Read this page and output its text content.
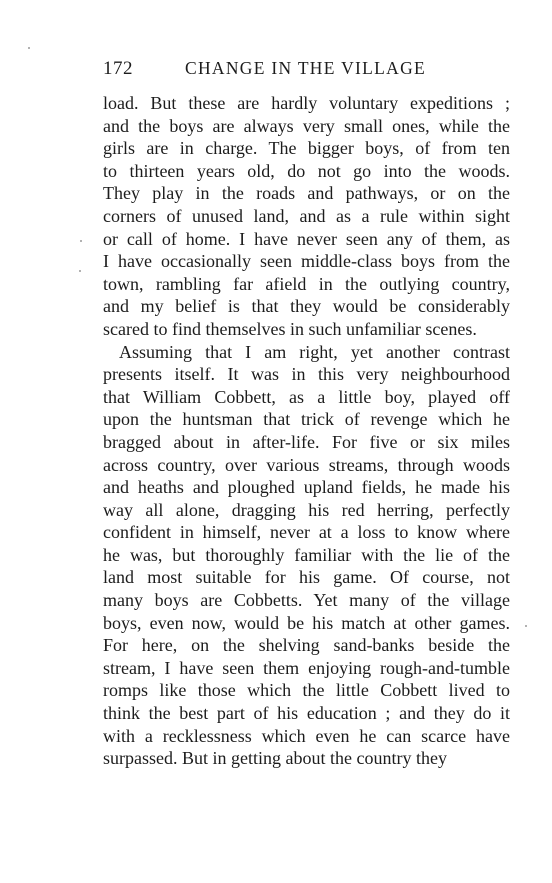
172	CHANGE IN THE VILLAGE
load. But these are hardly voluntary expeditions ;
and the boys are always very small ones, while the
girls are in charge. The bigger boys, of from ten
to thirteen years old, do not go into the woods.
They play in the roads and pathways, or on the
corners of unused land, and as a rule within sight
or call of home. I have never seen any of them, as
I have occasionally seen middle-class boys from the
town, rambling far afield in the outlying country,
and my belief is that they would be considerably
scared to find themselves in such unfamiliar scenes.
Assuming that I am right, yet another contrast
presents itself. It was in this very neighbourhood
that William Cobbett, as a little boy, played off
upon the huntsman that trick of revenge which he
bragged about in after-life. For five or six miles
across country, over various streams, through woods
and heaths and ploughed upland fields, he made his
way all alone, dragging his red herring, perfectly
confident in himself, never at a loss to know where
he was, but thoroughly familiar with the lie of the
land most suitable for his game. Of course, not
many boys are Cobbetts. Yet many of the village
boys, even now, would be his match at other games.
For here, on the shelving sand-banks beside the
stream, I have seen them enjoying rough-and-tumble
romps like those which the little Cobbett lived to
think the best part of his education ; and they do it
with a recklessness which even he can scarce have
surpassed. But in getting about the country they
